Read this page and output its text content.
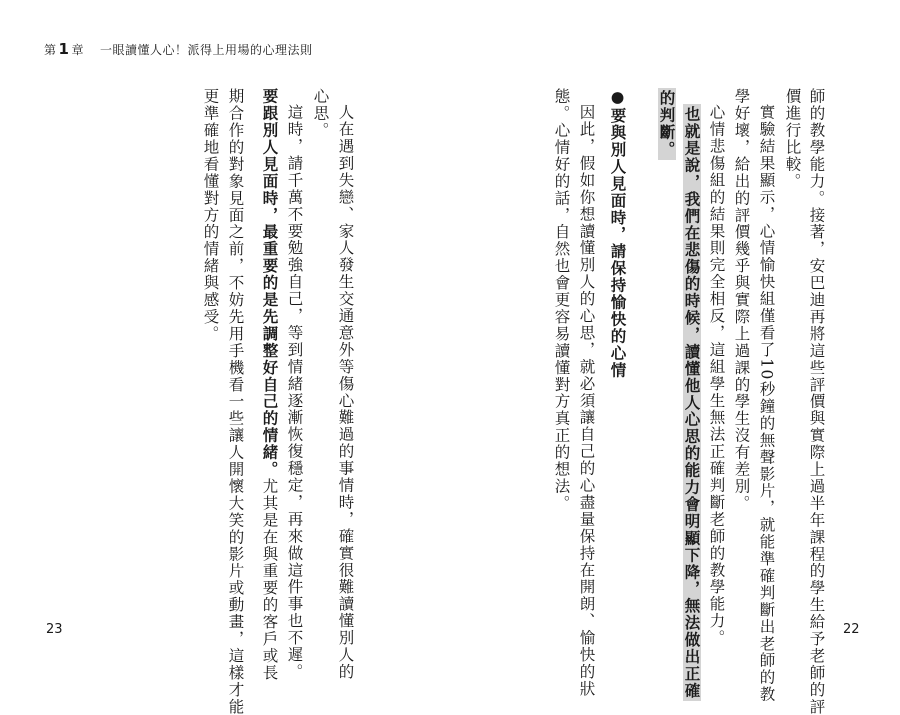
第 1 章 一眼讀懂人心！派得上用場的心理法則
師的教學能力。接著，安巴迪再將這些評價與實際上過半年課程的學生給予老師的評
價進行比較。
實驗結果顯示，心情愉快組僅看了10秒鐘的無聲影片，就能準確判斷出老師的教
學好壞，給出的評價幾乎與實際上過課的學生沒有差別。
心情悲傷組的結果則完全相反，這組學生無法正確判斷老師的教學能力。
也就是說，我們在悲傷的時候，讀懂他人心思的能力會明顯下降，無法做出正確
的判斷。
●要與別人見面時，請保持愉快的心情
因此，假如你想讀懂別人的心思，就必須讓自己的心盡量保持在開朗、愉快的狀
態。心情好的話，自然也會更容易讀懂對方真正的想法。
人在遇到失戀、家人發生交通意外等傷心難過的事情時，確實很難讀懂別人的
心思。
這時，請千萬不要勉強自己，等到情緒逐漸恢復穩定，再來做這件事也不遲。
要跟別人見面時，最重要的是先調整好自己的情緒。尤其是在與重要的客戶或長
期合作的對象見面之前，不妨先用手機看一些讓人開懷大笑的影片或動畫，這樣才能
更準確地看懂對方的情緒與感受。
23	22
